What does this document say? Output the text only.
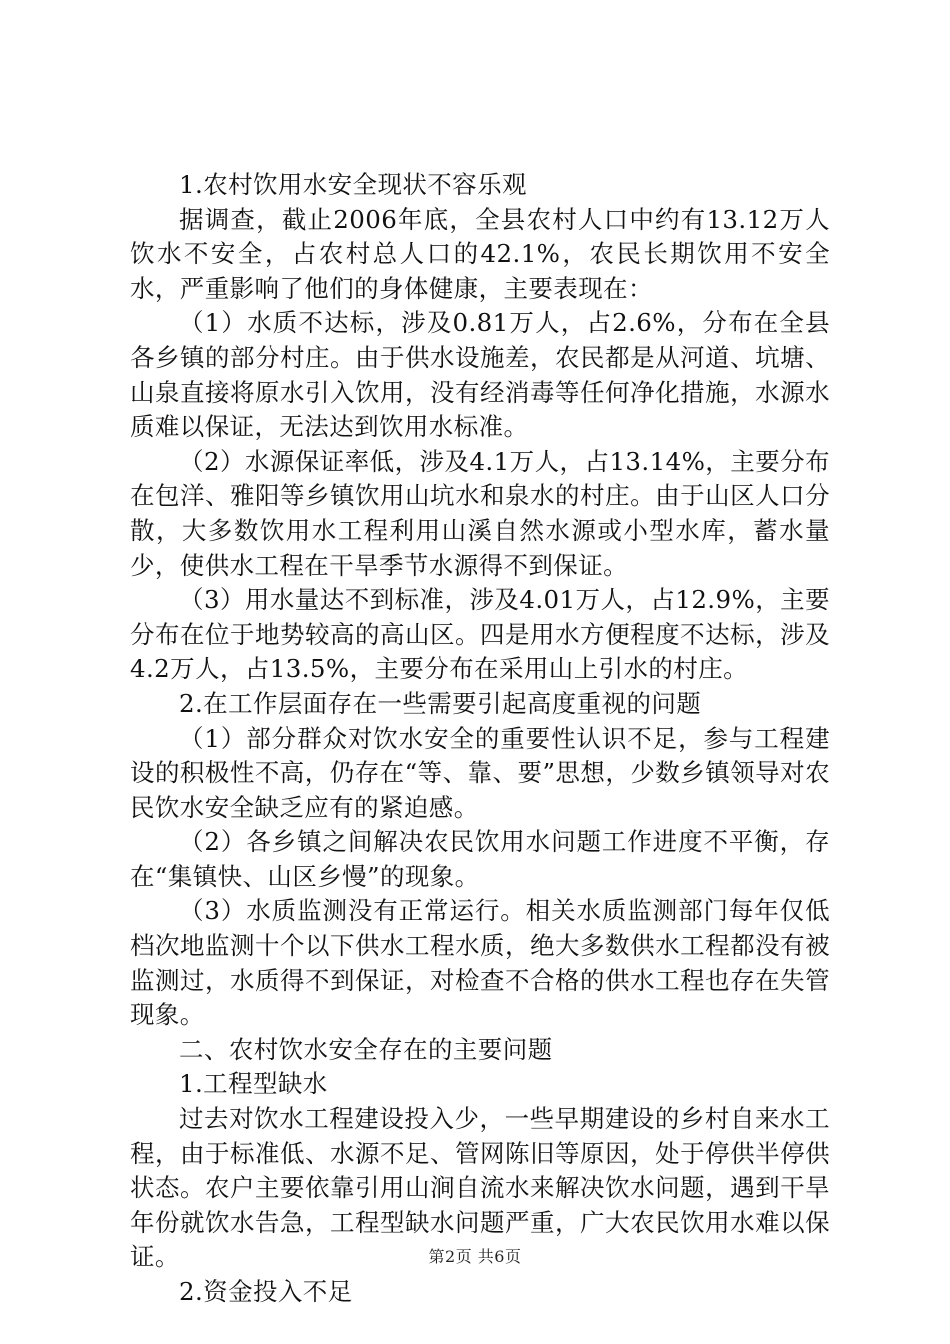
1.农村饮用水安全现状不容乐观

据调查，截止2006年底，全县农村人口中约有13.12万人饮水不安全，占农村总人口的42.1%，农民长期饮用不安全水，严重影响了他们的身体健康，主要表现在：

（1）水质不达标，涉及0.81万人，占2.6%，分布在全县各乡镇的部分村庄。由于供水设施差，农民都是从河道、坑塘、山泉直接将原水引入饮用，没有经消毒等任何净化措施，水源水质难以保证，无法达到饮用水标准。

（2）水源保证率低，涉及4.1万人，占13.14%，主要分布在包洋、雅阳等乡镇饮用山坑水和泉水的村庄。由于山区人口分散，大多数饮用水工程利用山溪自然水源或小型水库，蓄水量少，使供水工程在干旱季节水源得不到保证。

（3）用水量达不到标准，涉及4.01万人，占12.9%，主要分布在位于地势较高的高山区。四是用水方便程度不达标，涉及4.2万人，占13.5%，主要分布在采用山上引水的村庄。

2.在工作层面存在一些需要引起高度重视的问题

（1）部分群众对饮水安全的重要性认识不足，参与工程建设的积极性不高，仍存在“等、靠、要”思想，少数乡镇领导对农民饮水安全缺乏应有的紧迫感。

（2）各乡镇之间解决农民饮用水问题工作进度不平衡，存在“集镇快、山区乡慢”的现象。

（3）水质监测没有正常运行。相关水质监测部门每年仅低档次地监测十个以下供水工程水质，绝大多数供水工程都没有被监测过，水质得不到保证，对检查不合格的供水工程也存在失管现象。

二、农村饮水安全存在的主要问题

1.工程型缺水

过去对饮水工程建设投入少，一些早期建设的乡村自来水工程，由于标准低、水源不足、管网陈旧等原因，处于停供半停供状态。农户主要依靠引用山涧自流水来解决饮水问题，遇到干旱年份就饮水告急，工程型缺水问题严重，广大农民饮用水难以保证。

2.资金投入不足

第2页 共6页
